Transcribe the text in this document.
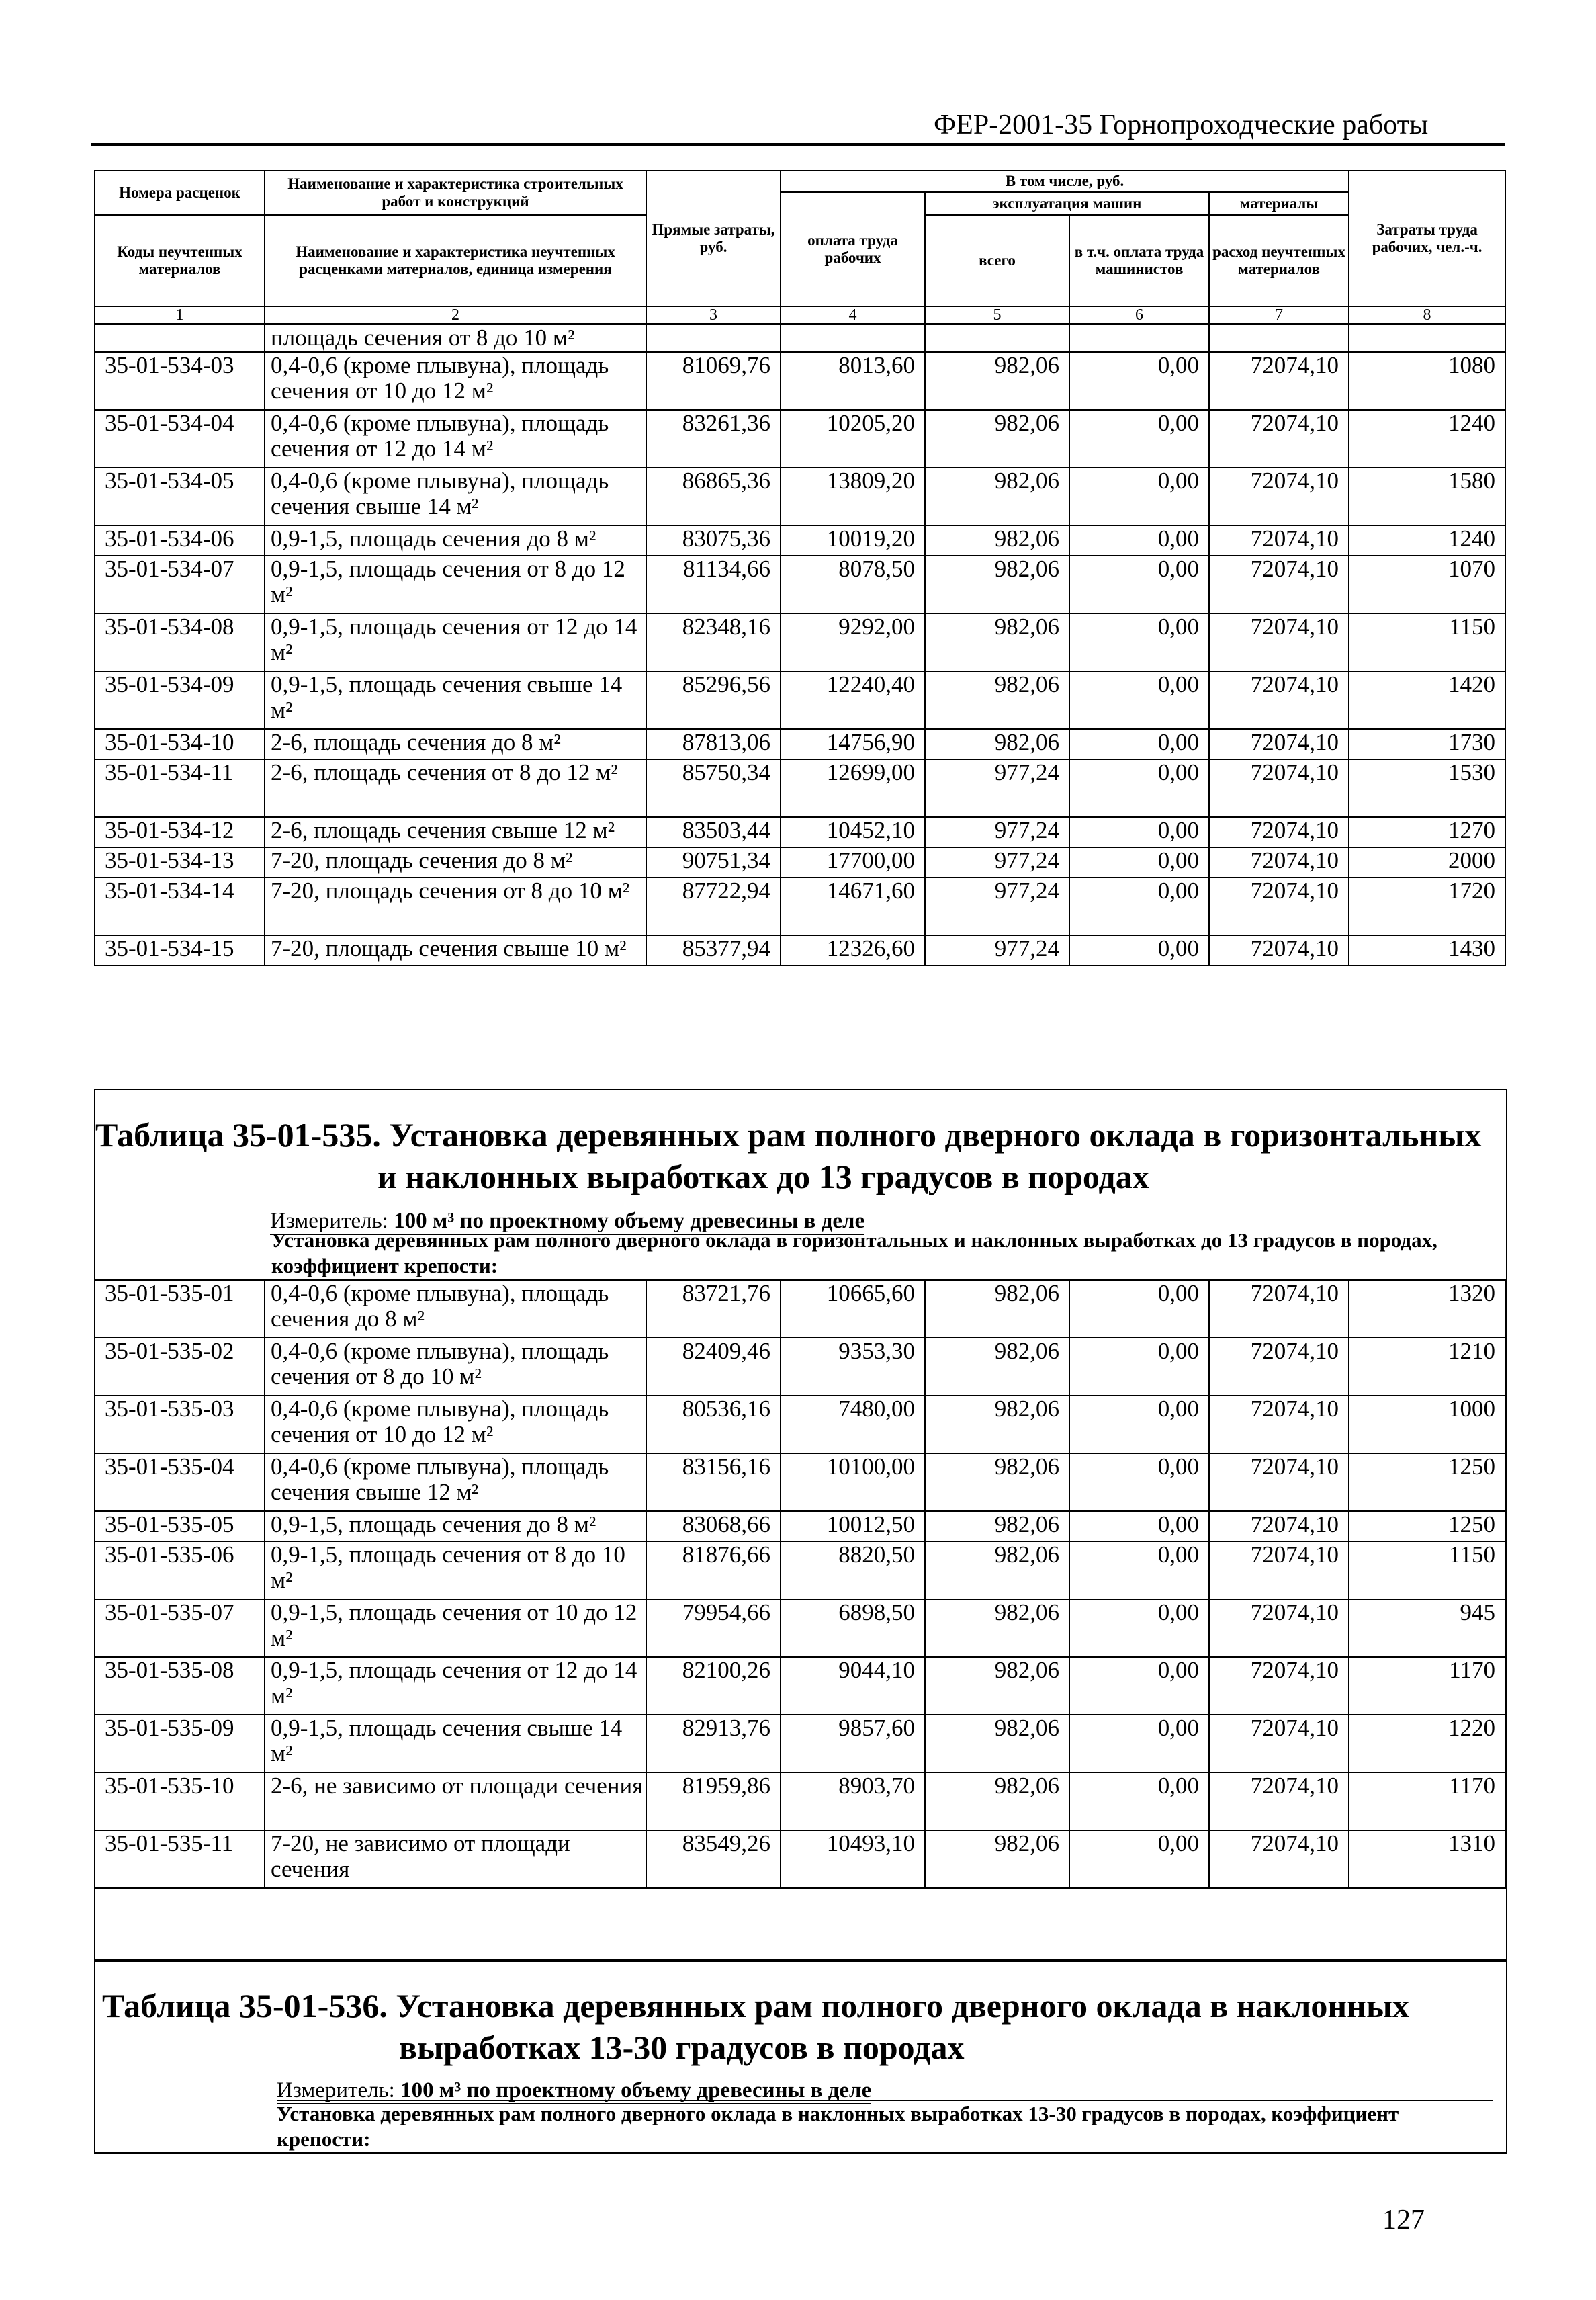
ФЕР-2001-35 Горнопроходческие работы
Номера расценок	Наименование и характеристика строительных работ и конструкций	Прямые затраты, руб.	В том числе, руб.				Затраты труда рабочих, чел.-ч.
			оплата труда рабочих	эксплуатация машин		материалы	
Коды неучтенных материалов	Наименование и характеристика неучтенных расценками материалов, единица измерения			всего	в т.ч. оплата труда машинистов	расход неучтенных материалов	

1	2	3	4	5	6	7	8
	площадь сечения от 8 до 10 м²						
35-01-534-03	0,4-0,6 (кроме плывуна), площадь сечения от 10 до 12 м²	81069,76	8013,60	982,06	0,00	72074,10	1080
35-01-534-04	0,4-0,6 (кроме плывуна), площадь сечения от 12 до 14 м²	83261,36	10205,20	982,06	0,00	72074,10	1240
35-01-534-05	0,4-0,6 (кроме плывуна), площадь сечения свыше 14 м²	86865,36	13809,20	982,06	0,00	72074,10	1580
35-01-534-06	0,9-1,5, площадь сечения до 8 м²	83075,36	10019,20	982,06	0,00	72074,10	1240
35-01-534-07	0,9-1,5, площадь сечения от 8 до 12 м²	81134,66	8078,50	982,06	0,00	72074,10	1070
35-01-534-08	0,9-1,5, площадь сечения от 12 до 14 м²	82348,16	9292,00	982,06	0,00	72074,10	1150
35-01-534-09	0,9-1,5, площадь сечения свыше 14 м²	85296,56	12240,40	982,06	0,00	72074,10	1420
35-01-534-10	2-6, площадь сечения до 8 м²	87813,06	14756,90	982,06	0,00	72074,10	1730
35-01-534-11	2-6, площадь сечения от 8 до 12 м²	85750,34	12699,00	977,24	0,00	72074,10	1530
35-01-534-12	2-6, площадь сечения свыше 12 м²	83503,44	10452,10	977,24	0,00	72074,10	1270
35-01-534-13	7-20, площадь сечения до 8 м²	90751,34	17700,00	977,24	0,00	72074,10	2000
35-01-534-14	7-20, площадь сечения от 8 до 10 м²	87722,94	14671,60	977,24	0,00	72074,10	1720
35-01-534-15	7-20, площадь сечения свыше 10 м²	85377,94	12326,60	977,24	0,00	72074,10	1430
Таблица 35-01-535. Установка деревянных рам полного дверного оклада в горизонтальных
и наклонных выработках до 13 градусов в породах
Измеритель: 100 м³ по проектному объему древесины в деле
Установка деревянных рам полного дверного оклада в горизонтальных и наклонных выработках до 13 градусов в породах, коэффициент крепости:
35-01-535-01	0,4-0,6 (кроме плывуна), площадь сечения до 8 м²	83721,76	10665,60	982,06	0,00	72074,10	1320
35-01-535-02	0,4-0,6 (кроме плывуна), площадь сечения от 8 до 10 м²	82409,46	9353,30	982,06	0,00	72074,10	1210
35-01-535-03	0,4-0,6 (кроме плывуна), площадь сечения от 10 до 12 м²	80536,16	7480,00	982,06	0,00	72074,10	1000
35-01-535-04	0,4-0,6 (кроме плывуна), площадь сечения свыше 12 м²	83156,16	10100,00	982,06	0,00	72074,10	1250
35-01-535-05	0,9-1,5, площадь сечения до 8 м²	83068,66	10012,50	982,06	0,00	72074,10	1250
35-01-535-06	0,9-1,5, площадь сечения от 8 до 10 м²	81876,66	8820,50	982,06	0,00	72074,10	1150
35-01-535-07	0,9-1,5, площадь сечения от 10 до 12 м²	79954,66	6898,50	982,06	0,00	72074,10	945
35-01-535-08	0,9-1,5, площадь сечения от 12 до 14 м²	82100,26	9044,10	982,06	0,00	72074,10	1170
35-01-535-09	0,9-1,5, площадь сечения свыше 14 м²	82913,76	9857,60	982,06	0,00	72074,10	1220
35-01-535-10	2-6, не зависимо от площади сечения	81959,86	8903,70	982,06	0,00	72074,10	1170
35-01-535-11	7-20, не зависимо от площади сечения	83549,26	10493,10	982,06	0,00	72074,10	1310
Таблица 35-01-536. Установка деревянных рам полного дверного оклада в наклонных
выработках 13-30 градусов в породах
Измеритель: 100 м³ по проектному объему древесины в деле
Установка деревянных рам полного дверного оклада в наклонных выработках 13-30 градусов в породах, коэффициент крепости:
127
